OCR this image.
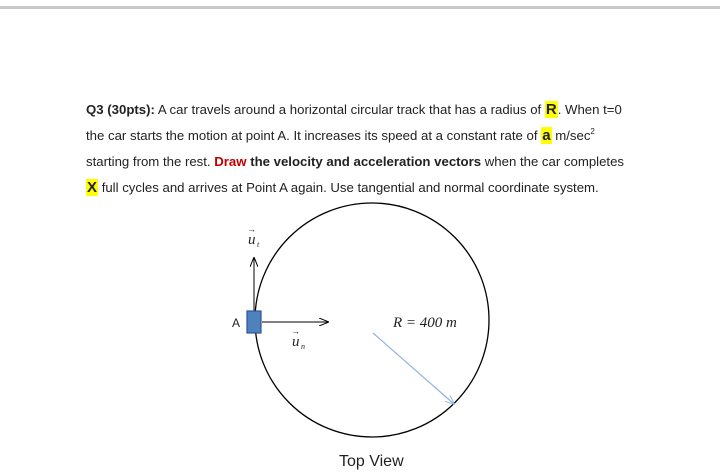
Q3 (30pts): A car travels around a horizontal circular track that has a radius of R. When t=0

the car starts the motion at point A. It increases its speed at a constant rate of a $m/\sec^2$

starting from the rest. Draw the velocity and acceleration vectors when the car completes

X full cycles and arrives at Point A again. Use tangential and normal coordinate system.

A
→
u t
→
u n
R = 400 m
Top View
